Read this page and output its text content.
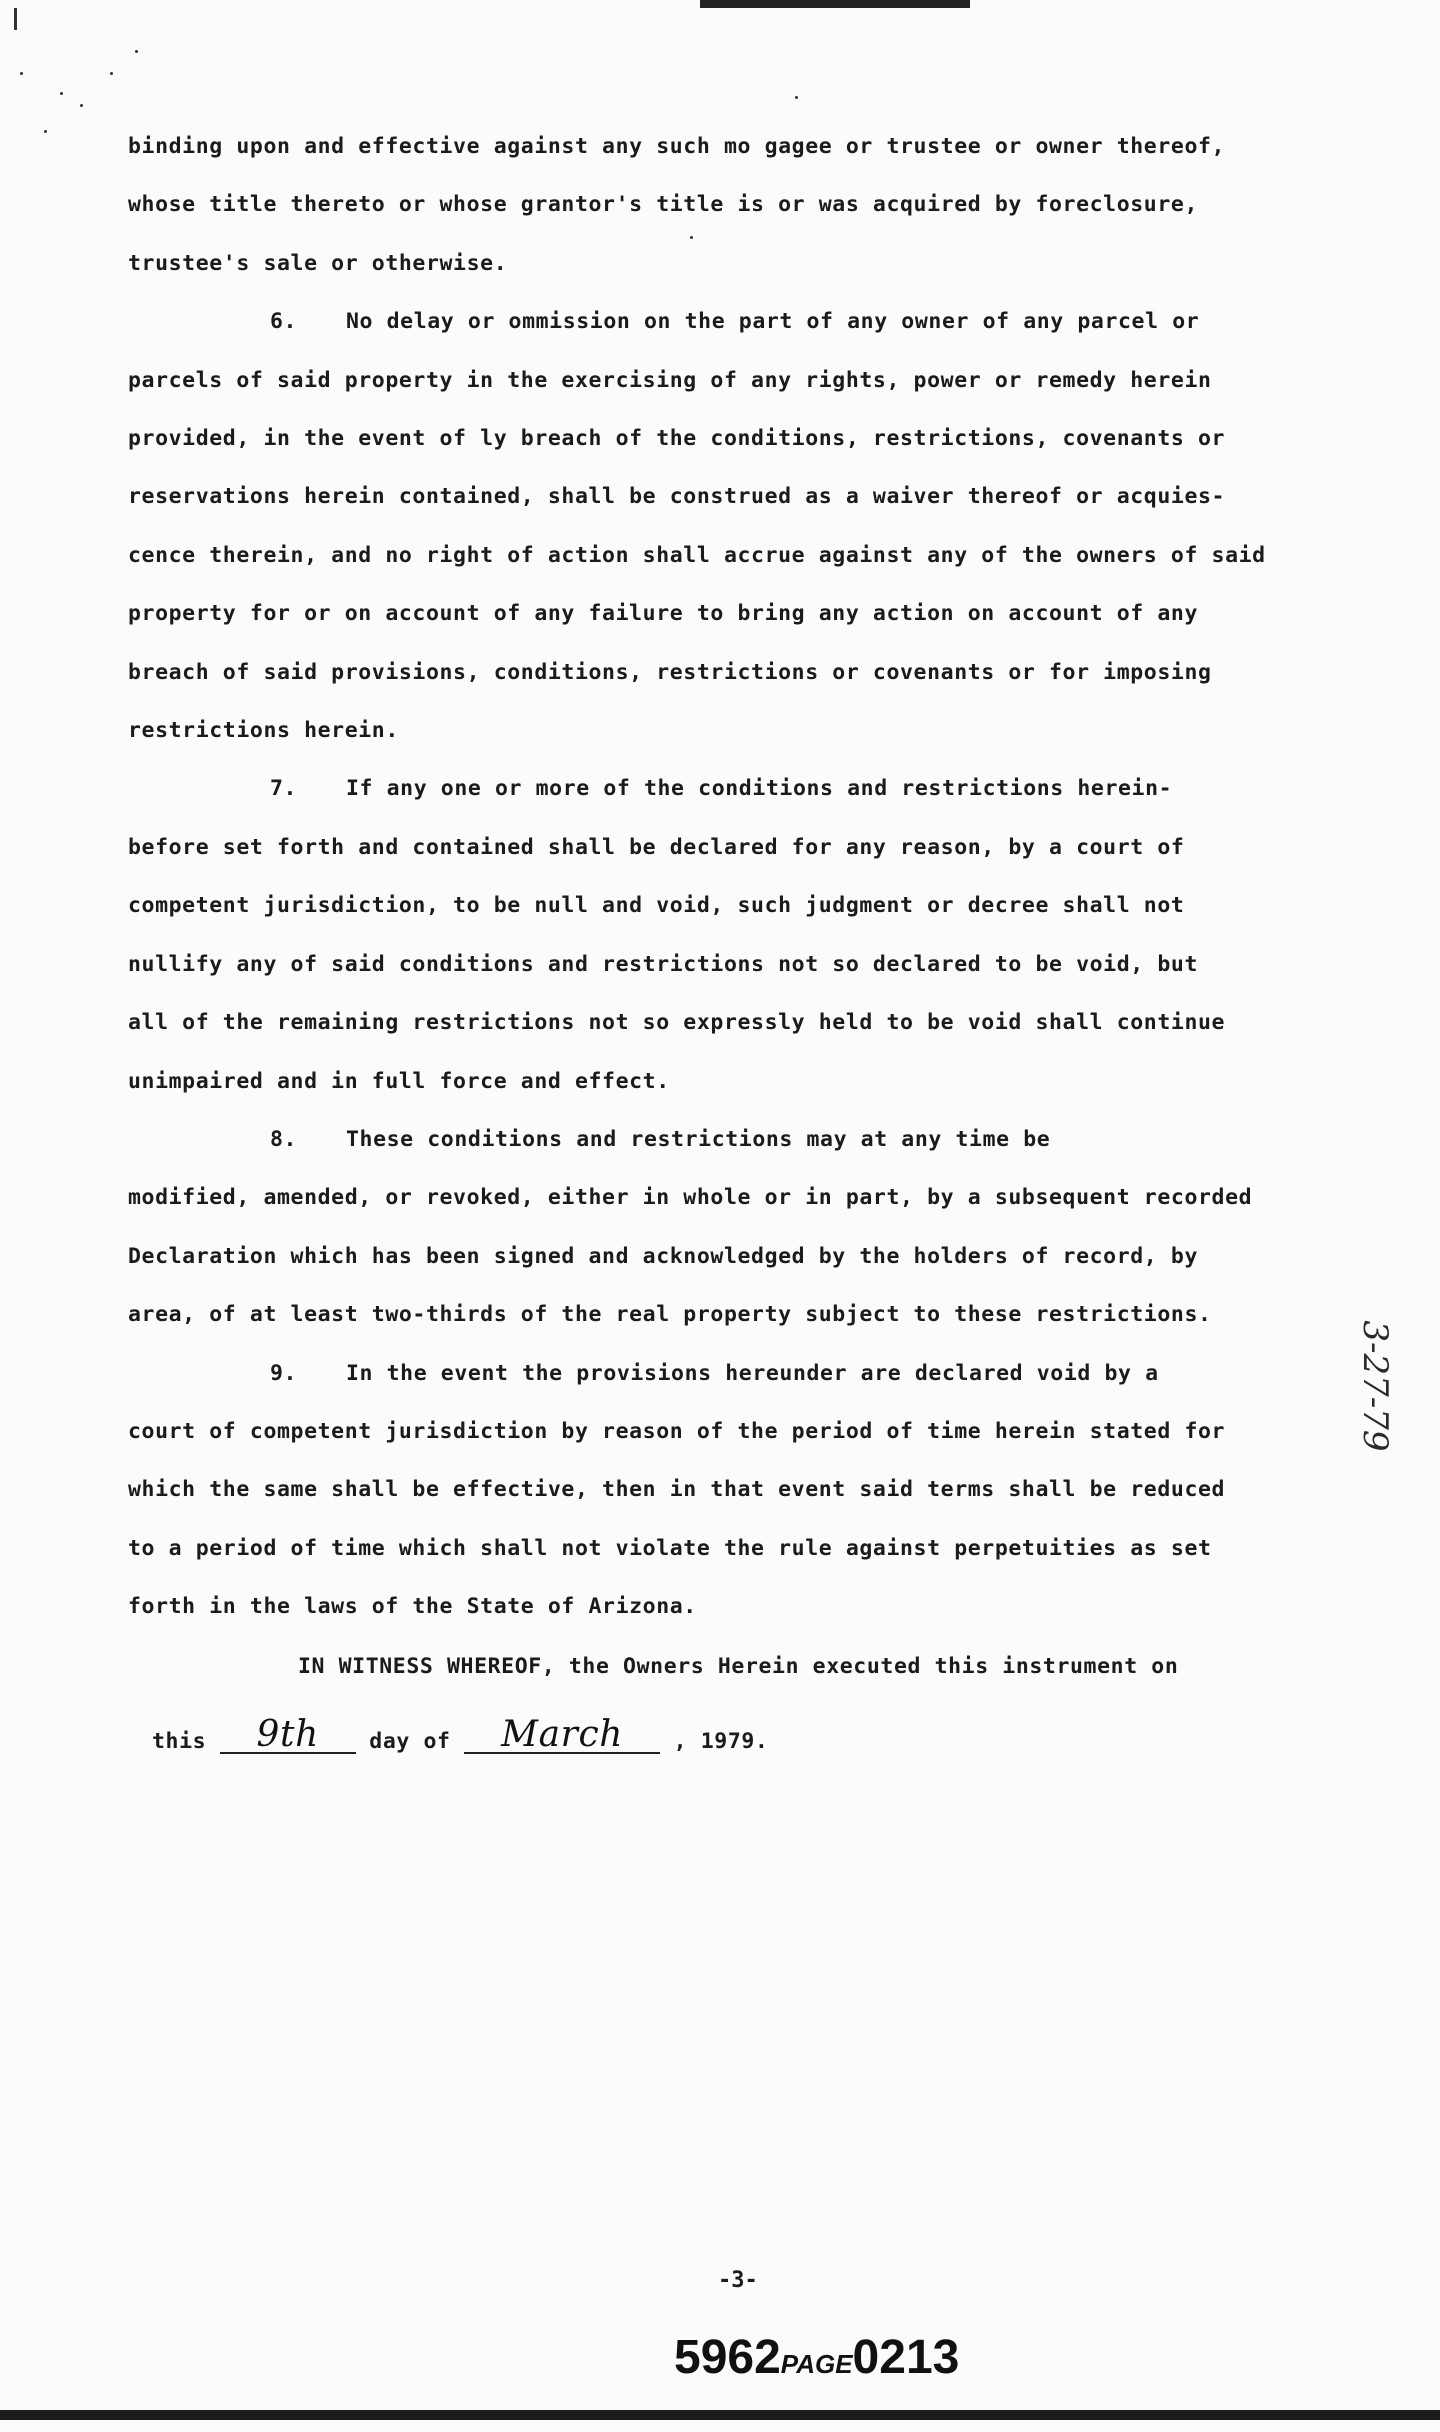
binding upon and effective against any such mo gagee or trustee or owner thereof,
whose title thereto or whose grantor's title is or was acquired by foreclosure,
trustee's sale or otherwise.
6. No delay or ommission on the part of any owner of any parcel or
parcels of said property in the exercising of any rights, power or remedy herein
provided, in the event of ly breach of the conditions, restrictions, covenants or
reservations herein contained, shall be construed as a waiver thereof or acquies-
cence therein, and no right of action shall accrue against any of the owners of said
property for or on account of any failure to bring any action on account of any
breach of said provisions, conditions, restrictions or covenants or for imposing
restrictions herein.
7. If any one or more of the conditions and restrictions herein-
before set forth and contained shall be declared for any reason, by a court of
competent jurisdiction, to be null and void, such judgment or decree shall not
nullify any of said conditions and restrictions not so declared to be void, but
all of the remaining restrictions not so expressly held to be void shall continue
unimpaired and in full force and effect.
8. These conditions and restrictions may at any time be
modified, amended, or revoked, either in whole or in part, by a subsequent recorded
Declaration which has been signed and acknowledged by the holders of record, by
area, of at least two-thirds of the real property subject to these restrictions.
9. In the event the provisions hereunder are declared void by a
court of competent jurisdiction by reason of the period of time herein stated for
which the same shall be effective, then in that event said terms shall be reduced
to a period of time which shall not violate the rule against perpetuities as set
forth in the laws of the State of Arizona.
IN WITNESS WHEREOF, the Owners Herein executed this instrument on
this 9th day of March , 1979.
3-27-79
-3-
5962PAGE0213
